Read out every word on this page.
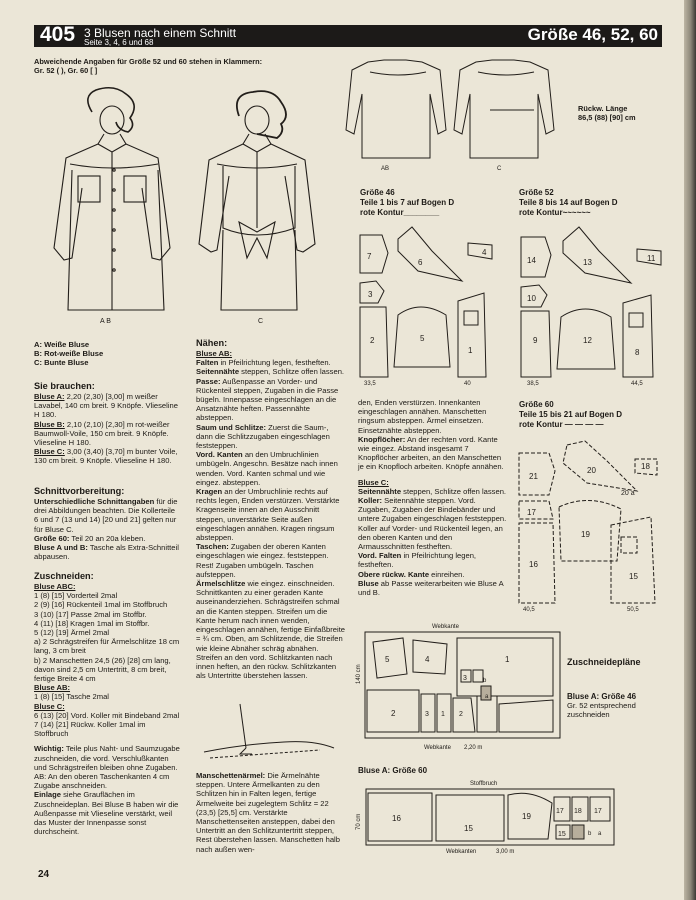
405 3 Blusen nach einem Schnitt
Seite 3, 4, 6 und 68	Größe 46, 52, 60

Abweichende Angaben für Größe 52 und 60 stehen in Klammern:

Gr. 52 ( ), Gr. 60 [ ]

A B	C
AB	C

Rückw. Länge

86,5 (88) [90] cm

A: Weiße Bluse

B: Rot-weiße Bluse

C: Bunte Bluse

Sie brauchen:

Bluse A: 2,20 (2,30) [3,00] m weißer Lavabel, 140 cm breit. 9 Knöpfe. Vlieseline H 180.

Bluse B: 2,10 (2,10) [2,30] m rot-weißer Baumwoll-Voile, 150 cm breit. 9 Knöpfe. Vlieseline H 180.

Bluse C: 3,00 (3,40) [3,70] m bunter Voile, 130 cm breit. 9 Knöpfe. Vlieseline H 180.

Schnittvorbereitung:

Unterschiedliche Schnittangaben für die drei Abbildungen beachten. Die Kollerteile 6 und 7 (13 und 14) [20 und 21] gelten nur für Bluse C.

Größe 60: Teil 20 an 20a kleben.

Bluse A und B: Tasche als Extra-Schnitteil abpausen.

Zuschneiden:

Bluse ABC:

1 (8) [15] Vorderteil 2mal

2 (9) [16] Rückenteil 1mal im Stoffbruch

3 (10) [17] Passe 2mal im Stoffbr.

4 (11) [18] Kragen 1mal im Stoffbr.

5 (12) [19] Ärmel 2mal

a) 2 Schrägstreifen für Ärmelschlitze 18 cm lang, 3 cm breit

b) 2 Manschetten 24,5 (26) [28] cm lang, davon sind 2,5 cm Untertritt, 8 cm breit, fertige Breite 4 cm

Bluse AB:

1 (8) [15] Tasche 2mal

Bluse C:

6 (13) [20] Vord. Koller mit Bindeband 2mal

7 (14) [21] Rückw. Koller 1mal im Stoffbruch

Wichtig: Teile plus Naht- und Saumzugabe zuschneiden, die vord. Verschlußkanten und Schrägstreifen bleiben ohne Zugaben. AB: An den oberen Taschenkanten 4 cm Zugabe anschneiden.

Einlage siehe Grauflächen im Zuschneideplan. Bei Bluse B haben wir die Außenpasse mit Vlieseline verstärkt, weil das Muster der Innenpasse sonst durchscheint.

Nähen:

Bluse AB:

Falten in Pfeilrichtung legen, festheften.

Seitennähte steppen, Schlitze offen lassen.

Passe: Außenpasse an Vorder- und Rückenteil steppen, Zugaben in die Passe bügeln. Innenpasse eingeschlagen an die Ansatznähte heften. Passennähte absteppen.

Saum und Schlitze: Zuerst die Saum-, dann die Schlitzzugaben eingeschlagen feststeppen.

Vord. Kanten an den Umbruchlinien umbügeln. Angeschn. Besätze nach innen wenden. Vord. Kanten schmal und wie eingez. absteppen.

Kragen an der Umbruchlinie rechts auf rechts legen, Enden verstürzen. Verstärkte Kragenseite innen an den Ausschnitt steppen, unverstärkte Seite außen eingeschlagen annähen. Kragen ringsum absteppen.

Taschen: Zugaben der oberen Kanten eingeschlagen wie eingez. feststeppen. Rest! Zugaben umbügeln. Taschen aufsteppen.

Ärmelschlitze wie eingez. einschneiden. Schnittkanten zu einer geraden Kante auseinanderziehen. Schrägstreifen schmal an die Kanten steppen. Streifen um die Kante herum nach innen wenden, eingeschlagen annähen, fertige Einfaßbreite = ¾ cm. Oben, am Schlitzende, die Streifen wie kleine Abnäher schräg abnähen. Streifen an den vord. Schlitzkanten nach innen heften, an den rückw. Schlitzkanten als Untertritte überstehen lassen.

Manschettenärmel: Die Ärmelnähte steppen. Untere Ärmelkanten zu den Schlitzen hin in Falten legen, fertige Ärmelweite bei zugelegtem Schlitz = 22 (23,5) [25,5] cm. Verstärkte Manschettenseiten ansteppen, dabei den Untertritt an den Schlitzuntertritt steppen, Rest überstehen lassen. Manschetten halb nach außen wen-

Größe 46
Teile 1 bis 7 auf Bogen D
rote Kontur________
Größe 52
Teile 8 bis 14 auf Bogen D
rote Kontur~~~~~~
Größe 60
Teile 15 bis 21 auf Bogen D
rote Kontur — — — —
7
6
4
3
2	5
1
33,5	40
14	13	11
10
9	12
8
38,5	44,5
21
20	18
20 a
17
16
19
15
40,5	50,5

den, Enden verstürzen. Innenkanten eingeschlagen annähen. Manschetten ringsum absteppen. Ärmel einsetzen. Einsetznähte absteppen.

Knopflöcher: An der rechten vord. Kante wie eingez. Abstand insgesamt 7 Knopflöcher arbeiten, an den Manschetten je ein Knopfloch arbeiten. Knöpfe annähen.

Bluse C:

Seitennähte steppen, Schlitze offen lassen.

Koller: Seitennähte steppen. Vord. Zugaben, Zugaben der Bindebänder und untere Zugaben eingeschlagen feststeppen. Koller auf Vorder- und Rückenteil legen, an den oberen Kanten und den Armausschnitten festheften.

Vord. Falten in Pfeilrichtung legen, festheften.

Obere rückw. Kante einreihen.

Bluse ab Passe weiterarbeiten wie Bluse A und B.

Webkante
140 cm
5	4	1
3
2	3 1 2
b
a
Webkante 2,20 m
Zuschneidepläne

Bluse A: Größe 46

Gr. 52 entsprechend

zuschneiden

Bluse A: Größe 60
Stoffbruch
70 cm	16
15
19
17 18 17
15	b a
Webkanten	3,00 m
24
